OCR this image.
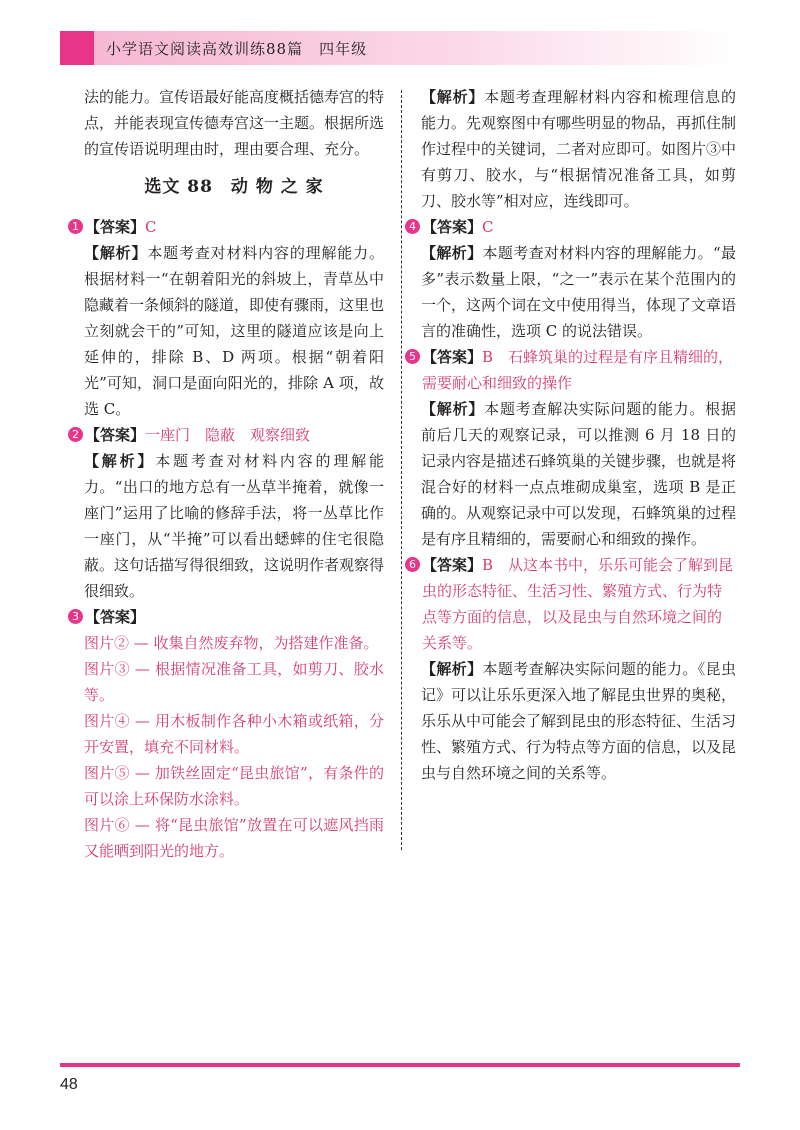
小学语文阅读高效训练88篇　四年级

法的能力。宣传语最好能高度概括德寿宫的特点，并能表现宣传德寿宫这一主题。根据所选的宣传语说明理由时，理由要合理、充分。

选文 88　动 物 之 家
1 【答案】 C

【解析】本题考查对材料内容的理解能力。根据材料一“在朝着阳光的斜坡上，青草丛中隐藏着一条倾斜的隧道，即使有骤雨，这里也立刻就会干的”可知，这里的隧道应该是向上延伸的，排除 B、D 两项。根据“朝着阳光”可知，洞口是面向阳光的，排除 A 项，故选 C。

2 【答案】 一座门　隐蔽　观察细致

【解析】本题考查对材料内容的理解能力。“出口的地方总有一丛草半掩着，就像一座门”运用了比喻的修辞手法，将一丛草比作一座门，从“半掩”可以看出蟋蟀的住宅很隐蔽。这句话描写得很细致，这说明作者观察得很细致。

3 【答案】

图片② — 收集自然废弃物，为搭建作准备。

图片③ — 根据情况准备工具，如剪刀、胶水等。

图片④ — 用木板制作各种小木箱或纸箱，分开安置，填充不同材料。

图片⑤ — 加铁丝固定“昆虫旅馆”，有条件的可以涂上环保防水涂料。

图片⑥ — 将“昆虫旅馆”放置在可以遮风挡雨又能晒到阳光的地方。

【解析】本题考查理解材料内容和梳理信息的能力。先观察图中有哪些明显的物品，再抓住制作过程中的关键词，二者对应即可。如图片③中有剪刀、胶水，与“根据情况准备工具，如剪刀、胶水等”相对应，连线即可。

4 【答案】 C

【解析】本题考查对材料内容的理解能力。“最多”表示数量上限，“之一”表示在某个范围内的一个，这两个词在文中使用得当，体现了文章语言的准确性，选项 C 的说法错误。

5 【答案】B　石蜂筑巢的过程是有序且精细的，需要耐心和细致的操作

【解析】本题考查解决实际问题的能力。根据前后几天的观察记录，可以推测 6 月 18 日的记录内容是描述石蜂筑巢的关键步骤，也就是将混合好的材料一点点堆砌成巢室，选项 B 是正确的。从观察记录中可以发现，石蜂筑巢的过程是有序且精细的，需要耐心和细致的操作。

6 【答案】B　从这本书中，乐乐可能会了解到昆虫的形态特征、生活习性、繁殖方式、行为特点等方面的信息，以及昆虫与自然环境之间的关系等。

【解析】本题考查解决实际问题的能力。《昆虫记》可以让乐乐更深入地了解昆虫世界的奥秘，乐乐从中可能会了解到昆虫的形态特征、生活习性、繁殖方式、行为特点等方面的信息，以及昆虫与自然环境之间的关系等。

48
